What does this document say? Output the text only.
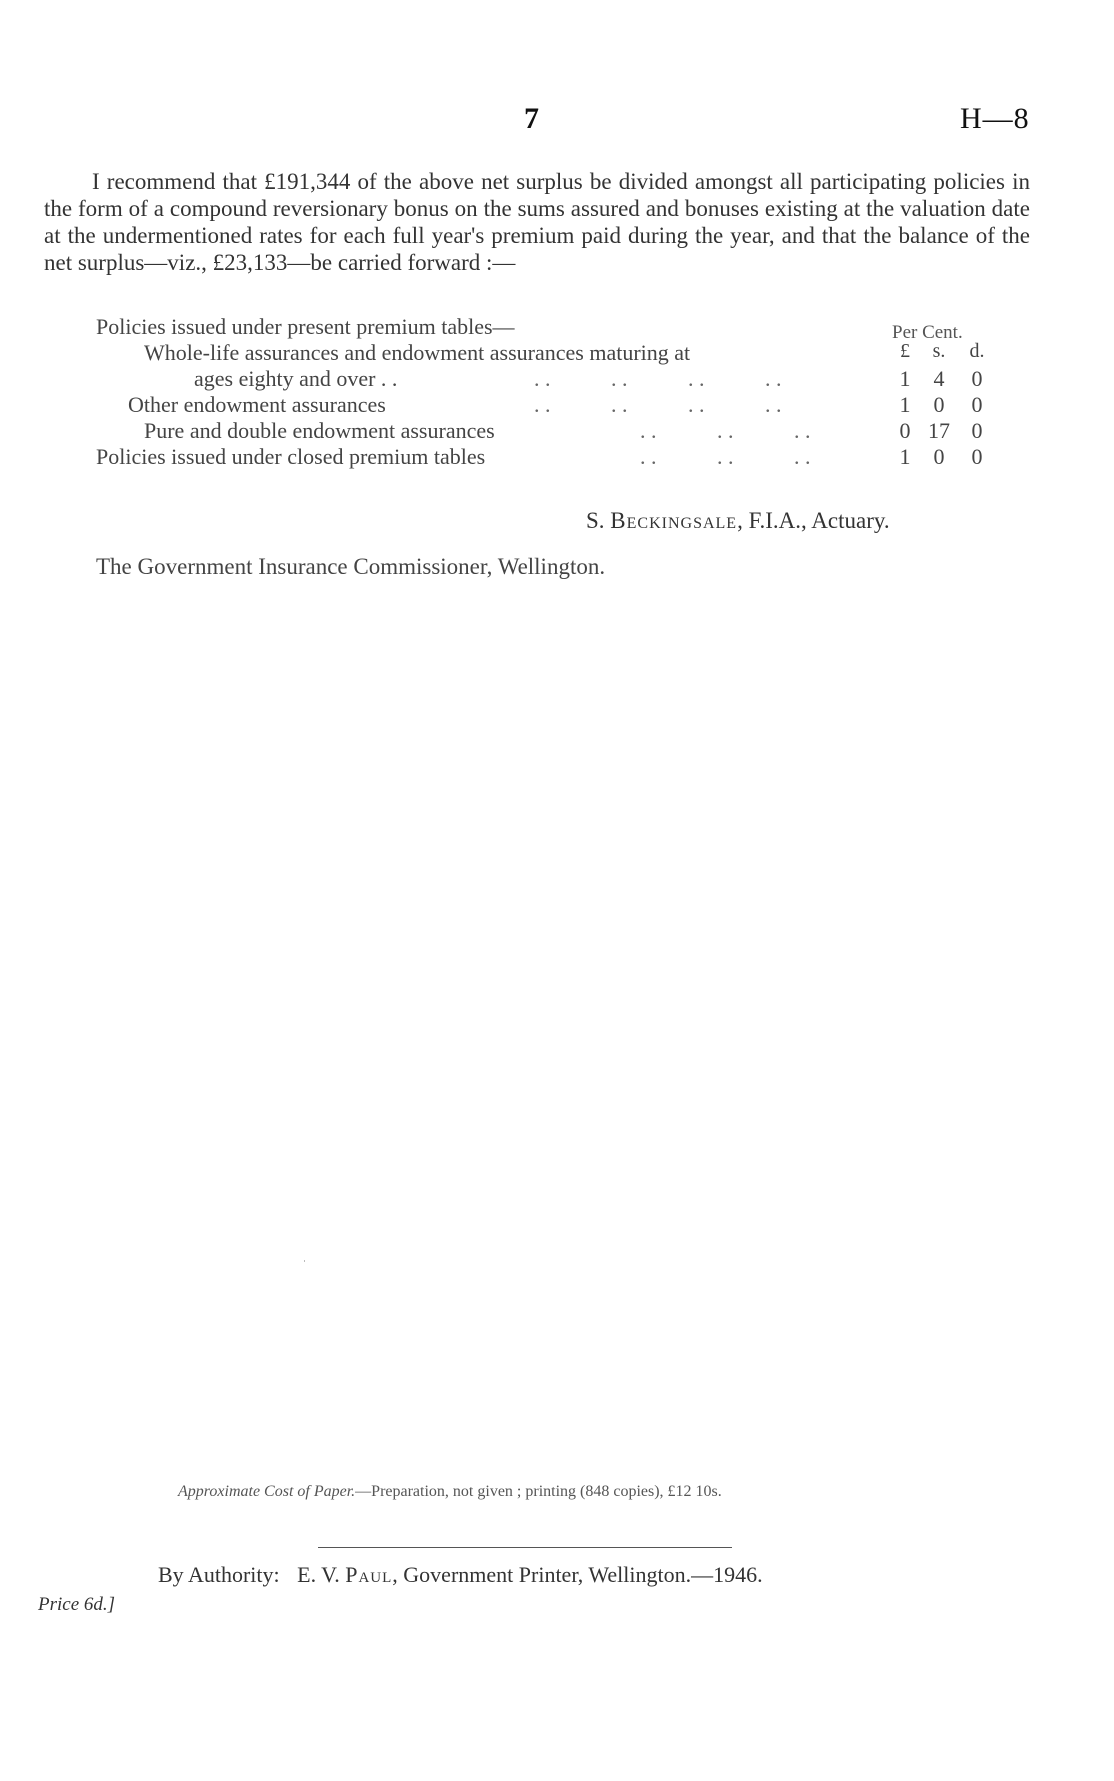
7	H—8

I recommend that £191,344 of the above net surplus be divided amongst all participating policies in the form of a compound reversionary bonus on the sums assured and bonuses existing at the valuation date at the undermentioned rates for each full year's premium paid during the year, and that the balance of the net surplus—viz., £23,133—be carried forward :—

Policies issued under present premium tables—	Per Cent.
Whole-life assurances and endowment assurances maturing at	£	s.	d.
ages eighty and over . .	. .           . .           . .           . .	1	4	0
Other endowment assurances	. .           . .           . .           . .	1	0	0
Pure and double endowment assurances	. .           . .           . .	0 17 0
Policies issued under closed premium tables	. .           . .           . .	1	0	0
S. Beckingsale, F.I.A., Actuary.
The Government Insurance Commissioner, Wellington.
Approximate Cost of Paper.—Preparation, not given ; printing (848 copies), £12 10s.
By Authority: E. V. Paul, Government Printer, Wellington.—1946.
Price 6d.]
